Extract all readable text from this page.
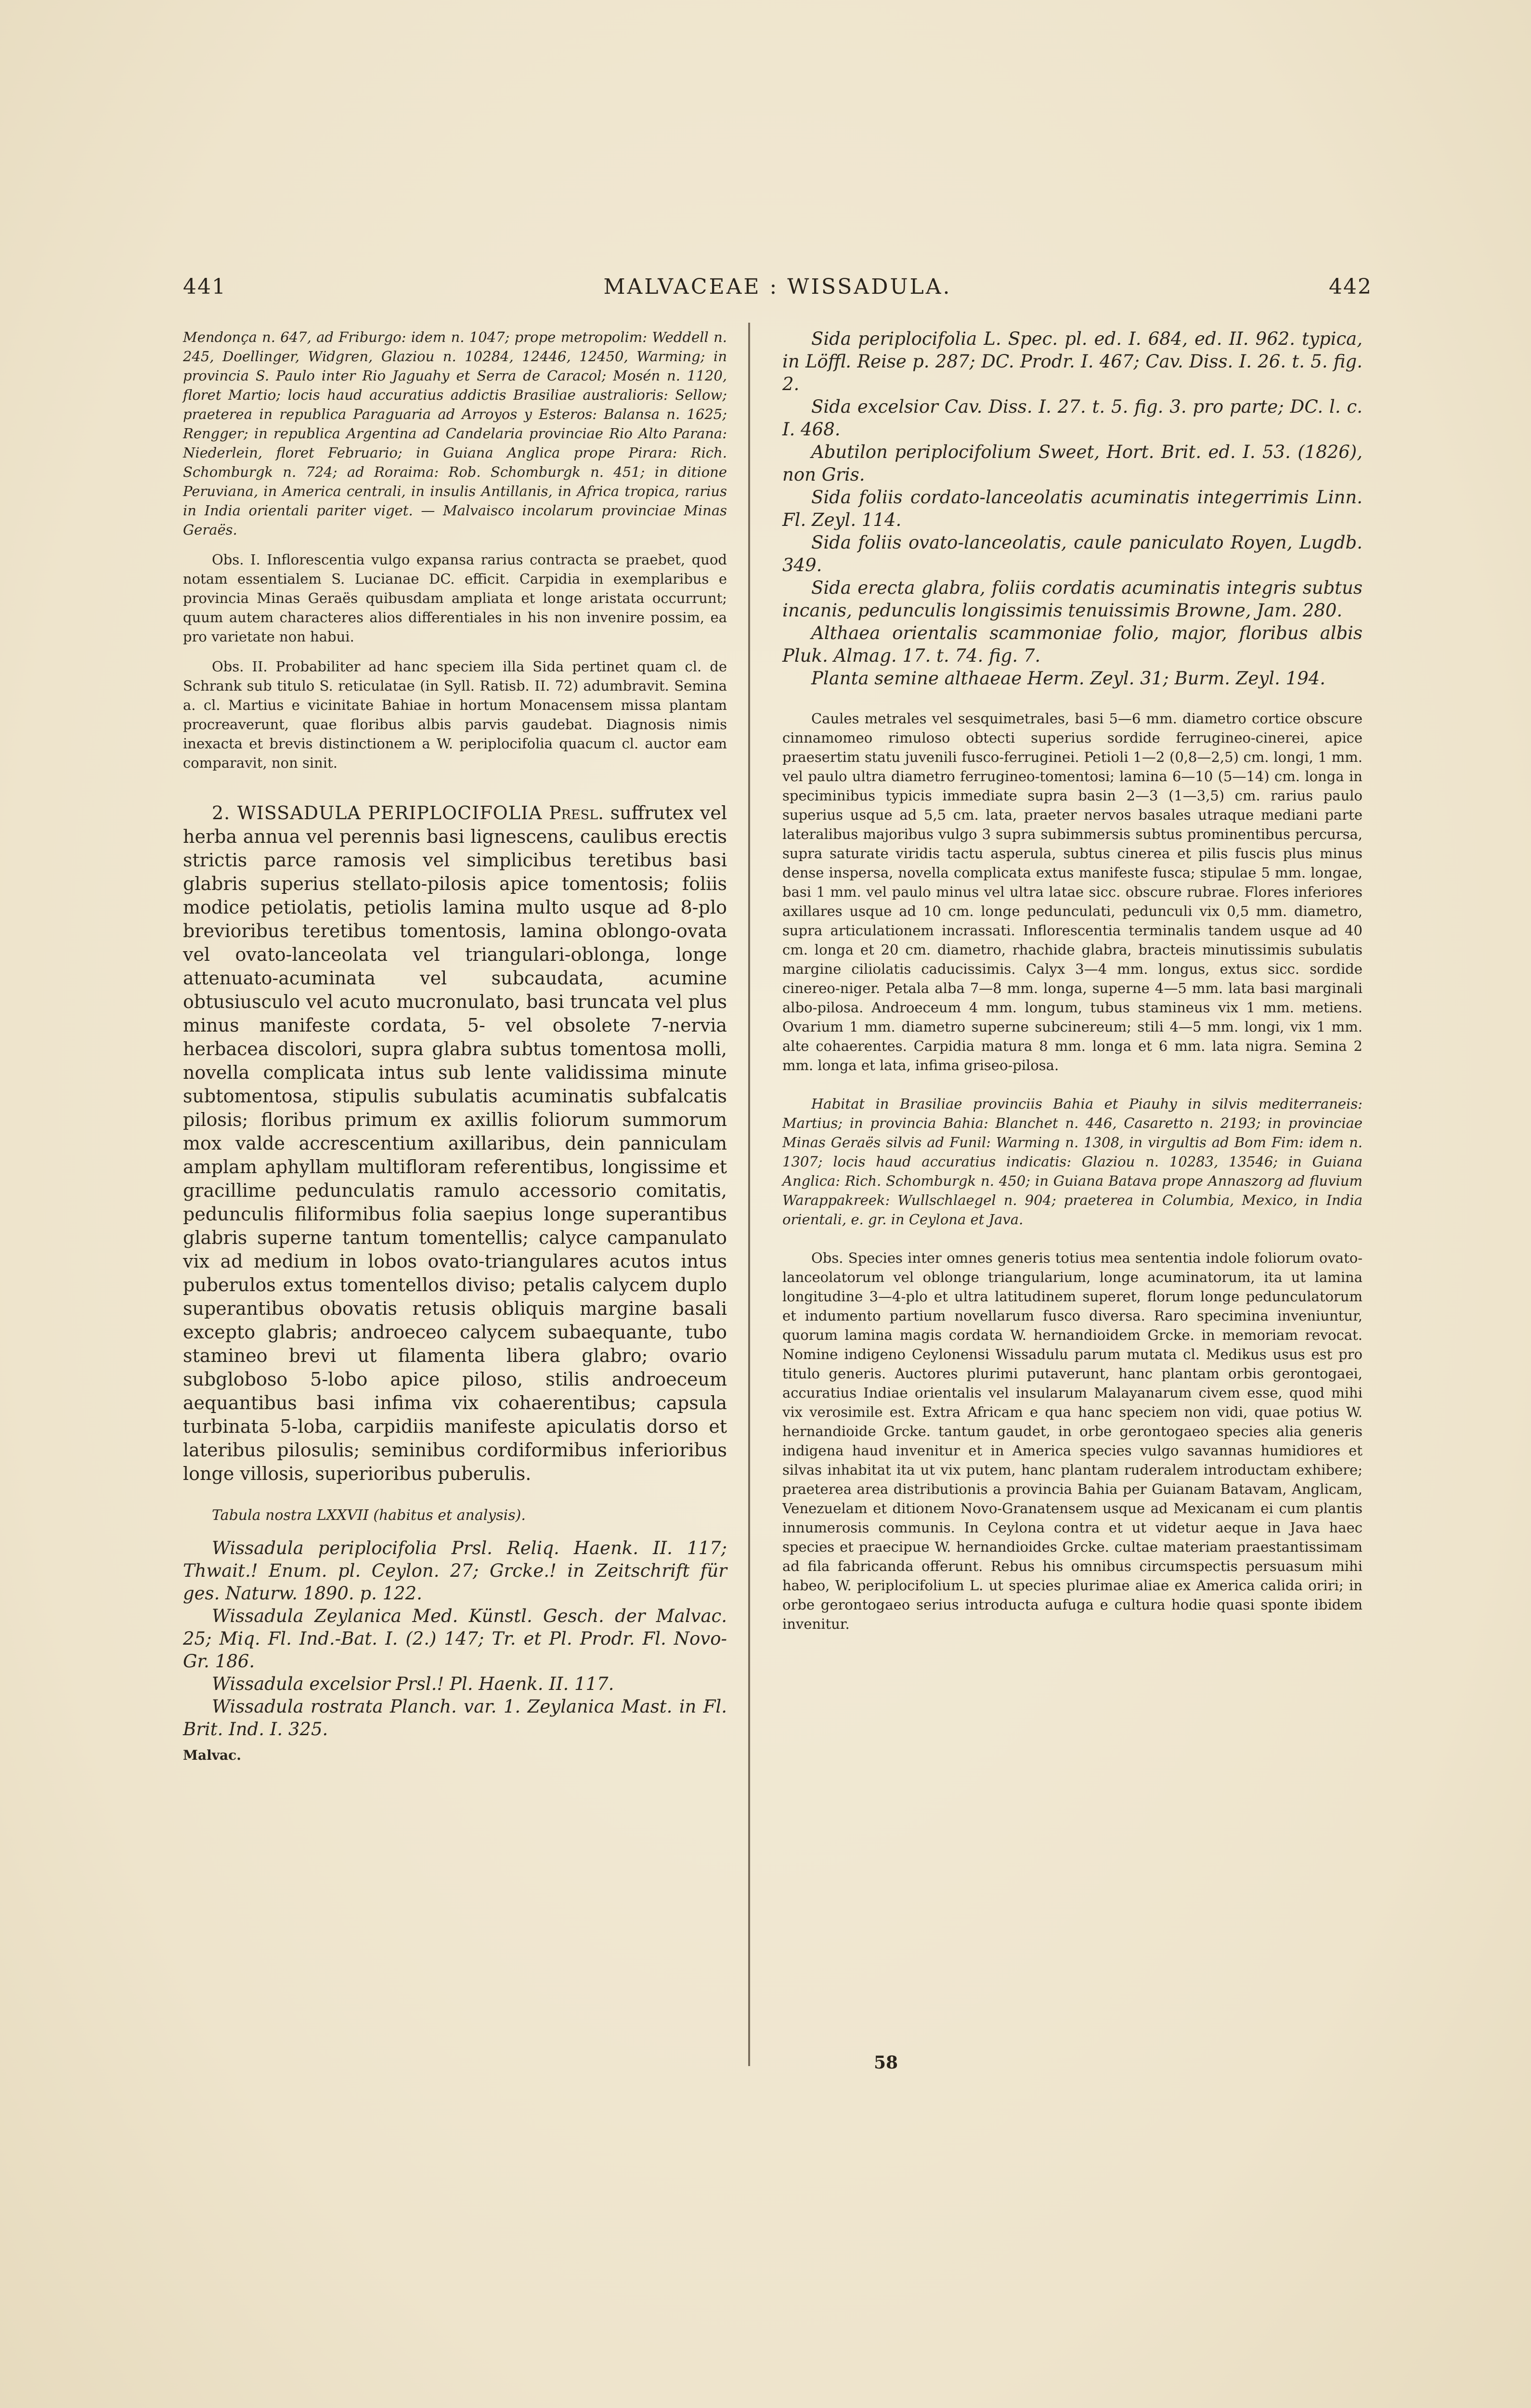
441	MALVACEAE : WISSADULA.	442

Mendonça n. 647, ad Friburgo: idem n. 1047; prope metropolim: Weddell n. 245, Doellinger, Widgren, Glaziou n. 10284, 12446, 12450, Warming; in provincia S. Paulo inter Rio Jaguahy et Serra de Caracol; Mosén n. 1120, floret Martio; locis haud accuratius addictis Brasiliae australioris: Sellow; praeterea in republica Paraguaria ad Arroyos y Esteros: Balansa n. 1625; Rengger; in republica Argentina ad Candelaria provinciae Rio Alto Parana: Niederlein, floret Februario; in Guiana Anglica prope Pirara: Rich. Schomburgk n. 724; ad Roraima: Rob. Schomburgk n. 451; in ditione Peruviana, in America centrali, in insulis Antillanis, in Africa tropica, rarius in India orientali pariter viget. — Malvaisco incolarum provinciae Minas Geraës.

Obs. I. Inflorescentia vulgo expansa rarius contracta se praebet, quod notam essentialem S. Lucianae DC. efficit. Carpidia in exemplaribus e provincia Minas Geraës quibusdam ampliata et longe aristata occurrunt; quum autem characteres alios differentiales in his non invenire possim, ea pro varietate non habui.

Obs. II. Probabiliter ad hanc speciem illa Sida pertinet quam cl. de Schrank sub titulo S. reticulatae (in Syll. Ratisb. II. 72) adumbravit. Semina a. cl. Martius e vicinitate Bahiae in hortum Monacensem missa plantam procreaverunt, quae floribus albis parvis gaudebat. Diagnosis nimis inexacta et brevis distinctionem a W. periplocifolia quacum cl. auctor eam comparavit, non sinit.

2. WISSADULA PERIPLOCIFOLIA Presl. suffrutex vel herba annua vel perennis basi lignescens, caulibus erectis strictis parce ramosis vel simplicibus teretibus basi glabris superius stellato-pilosis apice tomentosis; foliis modice petiolatis, petiolis lamina multo usque ad 8-plo brevioribus teretibus tomentosis, lamina oblongo-ovata vel ovato-lanceolata vel triangulari-oblonga, longe attenuato-acuminata vel subcaudata, acumine obtusiusculo vel acuto mucronulato, basi truncata vel plus minus manifeste cordata, 5- vel obsolete 7-nervia herbacea discolori, supra glabra subtus tomentosa molli, novella complicata intus sub lente validissima minute subtomentosa, stipulis subulatis acuminatis subfalcatis pilosis; floribus primum ex axillis foliorum summorum mox valde accrescentium axillaribus, dein panniculam amplam aphyllam multifloram referentibus, longissime et gracillime pedunculatis ramulo accessorio comitatis, pedunculis filiformibus folia saepius longe superantibus glabris superne tantum tomentellis; calyce campanulato vix ad medium in lobos ovato-triangulares acutos intus puberulos extus tomentellos diviso; petalis calycem duplo superantibus obovatis retusis obliquis margine basali excepto glabris; androeceo calycem subaequante, tubo stamineo brevi ut filamenta libera glabro; ovario subgloboso 5-lobo apice piloso, stilis androeceum aequantibus basi infima vix cohaerentibus; capsula turbinata 5-loba, carpidiis manifeste apiculatis dorso et lateribus pilosulis; seminibus cordiformibus inferioribus longe villosis, superioribus puberulis.

Tabula nostra LXXVII (habitus et analysis).

Wissadula periplocifolia Prsl. Reliq. Haenk. II. 117; Thwait.! Enum. pl. Ceylon. 27; Grcke.! in Zeitschrift für ges. Naturw. 1890. p. 122.

Wissadula Zeylanica Med. Künstl. Gesch. der Malvac. 25; Miq. Fl. Ind.-Bat. I. (2.) 147; Tr. et Pl. Prodr. Fl. Novo-Gr. 186.

Wissadula excelsior Prsl.! Pl. Haenk. II. 117.

Wissadula rostrata Planch. var. 1. Zeylanica Mast. in Fl. Brit. Ind. I. 325.

Malvac.

Sida periplocifolia L. Spec. pl. ed. I. 684, ed. II. 962. typica, in Löffl. Reise p. 287; DC. Prodr. I. 467; Cav. Diss. I. 26. t. 5. fig. 2.

Sida excelsior Cav. Diss. I. 27. t. 5. fig. 3. pro parte; DC. l. c. I. 468.

Abutilon periplocifolium Sweet, Hort. Brit. ed. I. 53. (1826), non Gris.

Sida foliis cordato-lanceolatis acuminatis integerrimis Linn. Fl. Zeyl. 114.

Sida foliis ovato-lanceolatis, caule paniculato Royen, Lugdb. 349.

Sida erecta glabra, foliis cordatis acuminatis integris subtus incanis, pedunculis longissimis tenuissimis Browne, Jam. 280.

Althaea orientalis scammoniae folio, major, floribus albis Pluk. Almag. 17. t. 74. fig. 7.

Planta semine althaeae Herm. Zeyl. 31; Burm. Zeyl. 194.

Caules metrales vel sesquimetrales, basi 5—6 mm. diametro cortice obscure cinnamomeo rimuloso obtecti superius sordide ferrugineo-cinerei, apice praesertim statu juvenili fusco-ferruginei. Petioli 1—2 (0,8—2,5) cm. longi, 1 mm. vel paulo ultra diametro ferrugineo-tomentosi; lamina 6—10 (5—14) cm. longa in speciminibus typicis immediate supra basin 2—3 (1—3,5) cm. rarius paulo superius usque ad 5,5 cm. lata, praeter nervos basales utraque mediani parte lateralibus majoribus vulgo 3 supra subimmersis subtus prominentibus percursa, supra saturate viridis tactu asperula, subtus cinerea et pilis fuscis plus minus dense inspersa, novella complicata extus manifeste fusca; stipulae 5 mm. longae, basi 1 mm. vel paulo minus vel ultra latae sicc. obscure rubrae. Flores inferiores axillares usque ad 10 cm. longe pedunculati, pedunculi vix 0,5 mm. diametro, supra articulationem incrassati. Inflorescentia terminalis tandem usque ad 40 cm. longa et 20 cm. diametro, rhachide glabra, bracteis minutissimis subulatis margine ciliolatis caducissimis. Calyx 3—4 mm. longus, extus sicc. sordide cinereo-niger. Petala alba 7—8 mm. longa, superne 4—5 mm. lata basi marginali albo-pilosa. Androeceum 4 mm. longum, tubus stamineus vix 1 mm. metiens. Ovarium 1 mm. diametro superne subcinereum; stili 4—5 mm. longi, vix 1 mm. alte cohaerentes. Carpidia matura 8 mm. longa et 6 mm. lata nigra. Semina 2 mm. longa et lata, infima griseo-pilosa.

Habitat in Brasiliae provinciis Bahia et Piauhy in silvis mediterraneis: Martius; in provincia Bahia: Blanchet n. 446, Casaretto n. 2193; in provinciae Minas Geraës silvis ad Funil: Warming n. 1308, in virgultis ad Bom Fim: idem n. 1307; locis haud accuratius indicatis: Glaziou n. 10283, 13546; in Guiana Anglica: Rich. Schomburgk n. 450; in Guiana Batava prope Annaszorg ad fluvium Warappakreek: Wullschlaegel n. 904; praeterea in Columbia, Mexico, in India orientali, e. gr. in Ceylona et Java.

Obs. Species inter omnes generis totius mea sententia indole foliorum ovato-lanceolatorum vel oblonge triangularium, longe acuminatorum, ita ut lamina longitudine 3—4-plo et ultra latitudinem superet, florum longe pedunculatorum et indumento partium novellarum fusco diversa. Raro specimina inveniuntur, quorum lamina magis cordata W. hernandioidem Grcke. in memoriam revocat. Nomine indigeno Ceylonensi Wissadulu parum mutata cl. Medikus usus est pro titulo generis. Auctores plurimi putaverunt, hanc plantam orbis gerontogaei, accuratius Indiae orientalis vel insularum Malayanarum civem esse, quod mihi vix verosimile est. Extra Africam e qua hanc speciem non vidi, quae potius W. hernandioide Grcke. tantum gaudet, in orbe gerontogaeo species alia generis indigena haud invenitur et in America species vulgo savannas humidiores et silvas inhabitat ita ut vix putem, hanc plantam ruderalem introductam exhibere; praeterea area distributionis a provincia Bahia per Guianam Batavam, Anglicam, Venezuelam et ditionem Novo-Granatensem usque ad Mexicanam ei cum plantis innumerosis communis. In Ceylona contra et ut videtur aeque in Java haec species et praecipue W. hernandioides Grcke. cultae materiam praestantissimam ad fila fabricanda offerunt. Rebus his omnibus circumspectis persuasum mihi habeo, W. periplocifolium L. ut species plurimae aliae ex America calida oriri; in orbe gerontogaeo serius introducta aufuga e cultura hodie quasi sponte ibidem invenitur.

58
